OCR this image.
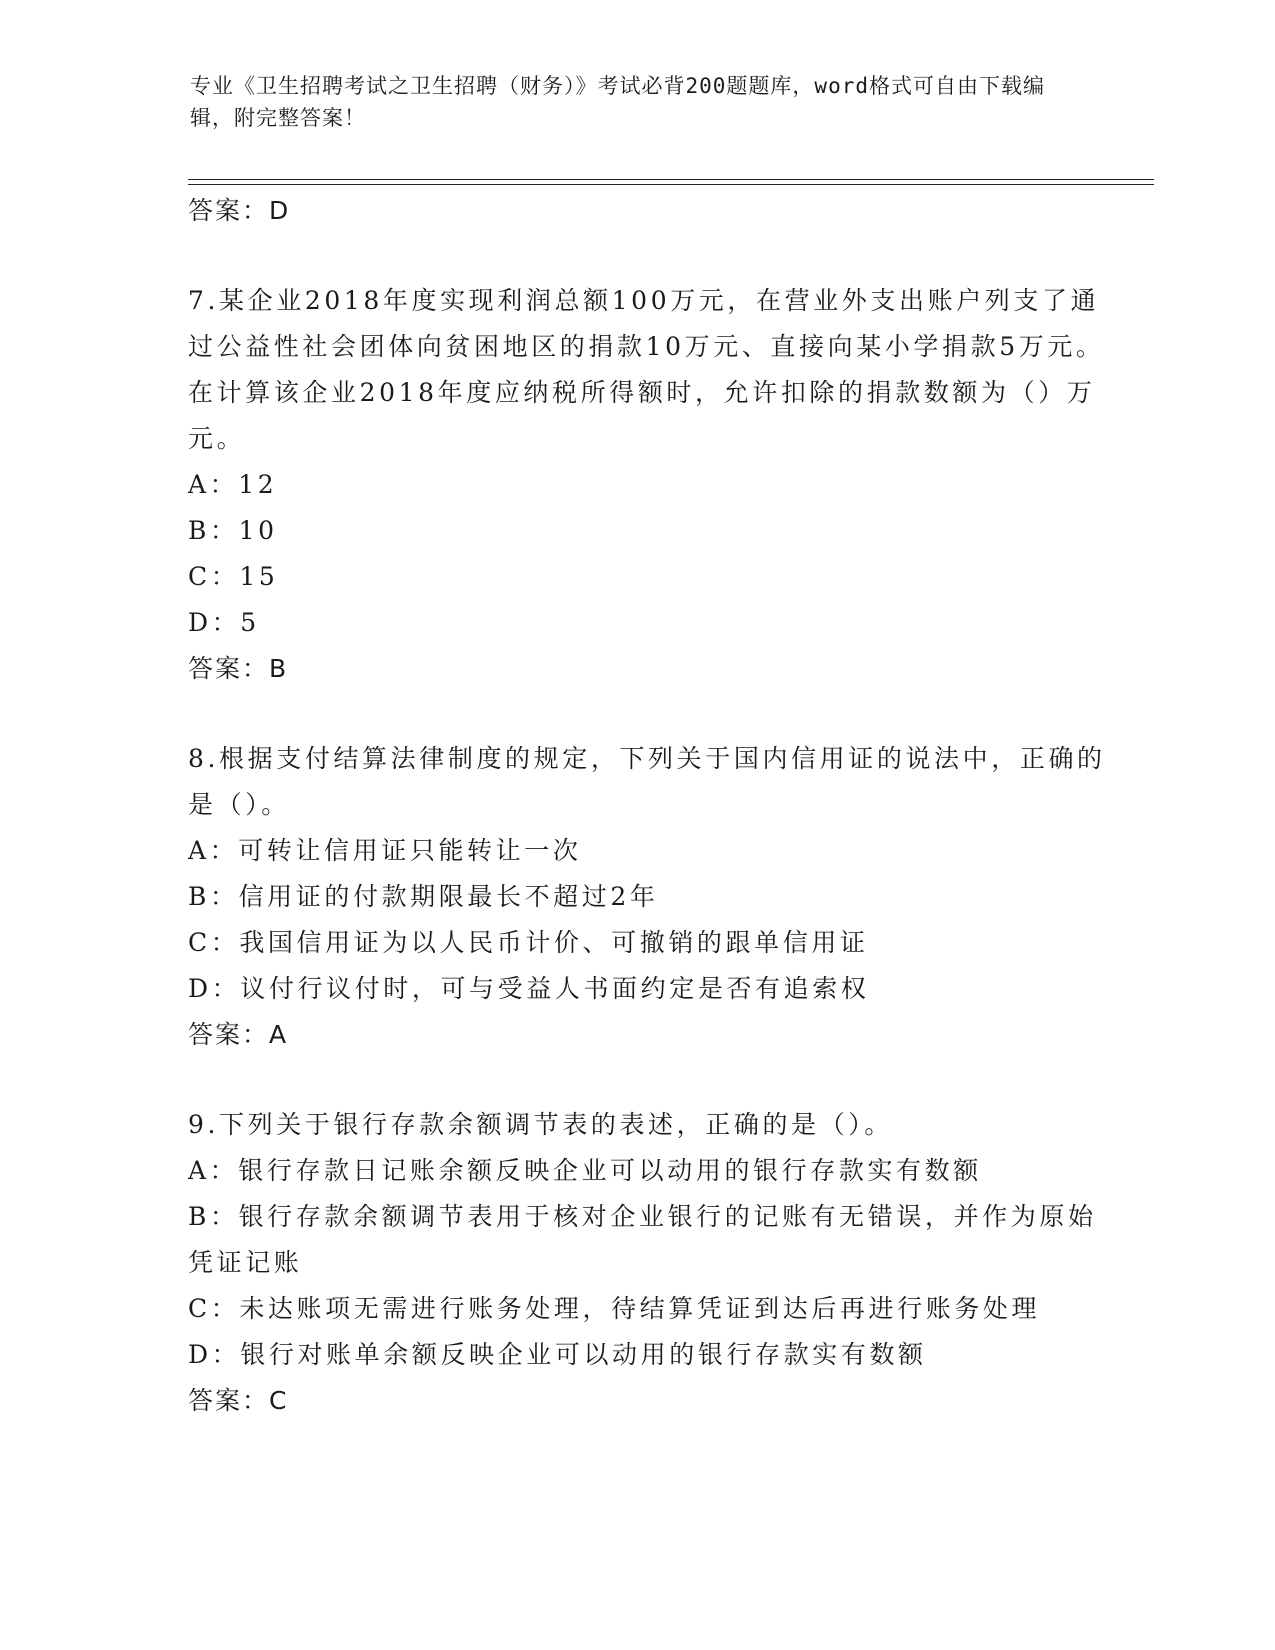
专业《卫生招聘考试之卫生招聘（财务）》考试必背200题题库，word格式可自由下载编辑，附完整答案！
答案：D
7.某企业2018年度实现利润总额100万元，在营业外支出账户列支了通过公益性社会团体向贫困地区的捐款10万元、直接向某小学捐款5万元。在计算该企业2018年度应纳税所得额时，允许扣除的捐款数额为（）万元。
A：12
B：10
C：15
D：5
答案：B
8.根据支付结算法律制度的规定，下列关于国内信用证的说法中，正确的是（）。
A：可转让信用证只能转让一次
B：信用证的付款期限最长不超过2年
C：我国信用证为以人民币计价、可撤销的跟单信用证
D：议付行议付时，可与受益人书面约定是否有追索权
答案：A
9.下列关于银行存款余额调节表的表述，正确的是（）。
A：银行存款日记账余额反映企业可以动用的银行存款实有数额
B：银行存款余额调节表用于核对企业银行的记账有无错误，并作为原始凭证记账
C：未达账项无需进行账务处理，待结算凭证到达后再进行账务处理
D：银行对账单余额反映企业可以动用的银行存款实有数额
答案：C
